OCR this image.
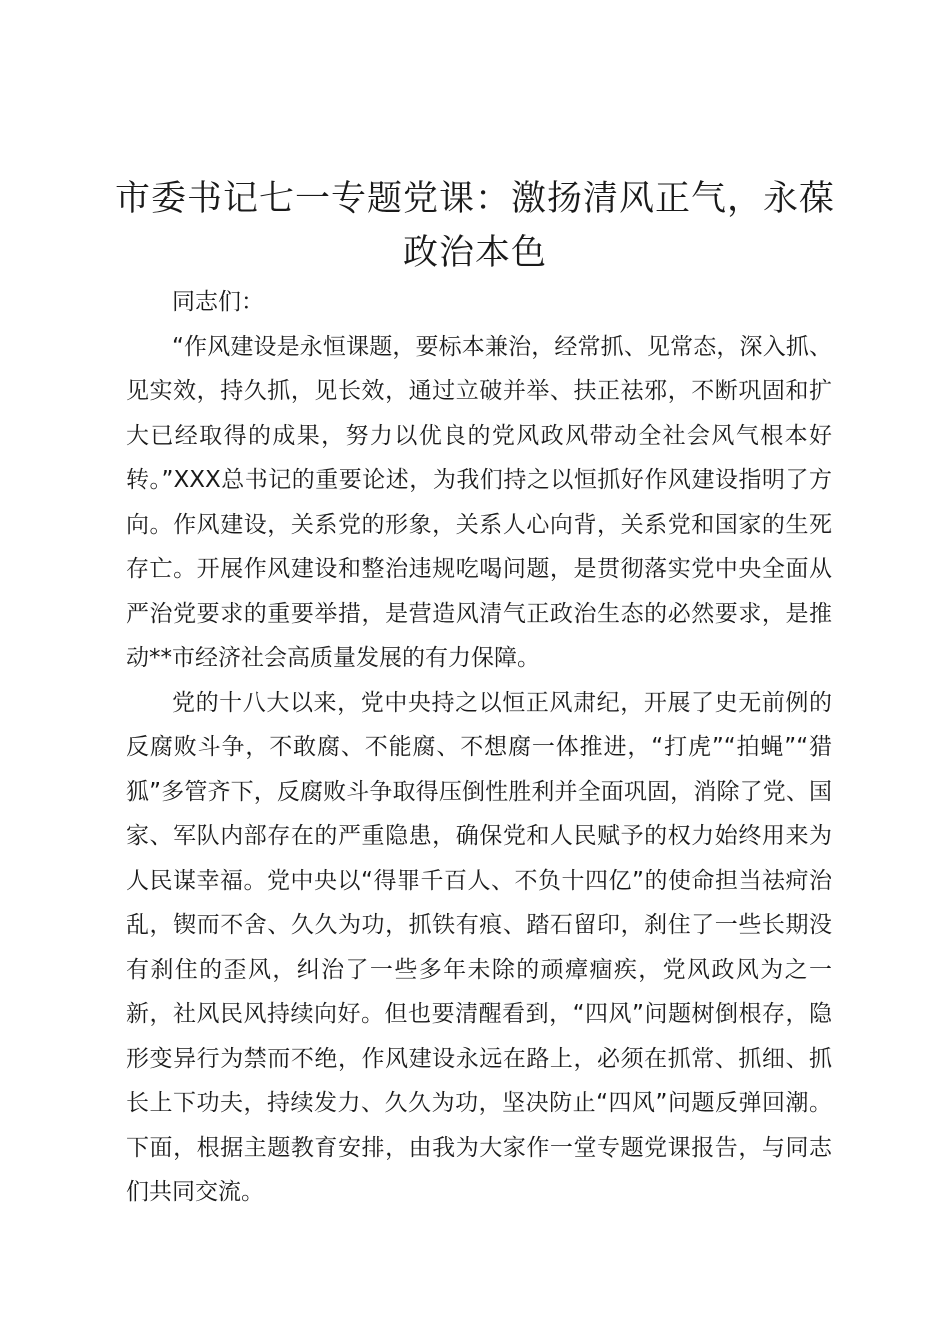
市委书记七一专题党课：激扬清风正气，永葆
政治本色

同志们：

“作风建设是永恒课题，要标本兼治，经常抓、见常态，深入抓、见实效，持久抓，见长效，通过立破并举、扶正祛邪，不断巩固和扩大已经取得的成果，努力以优良的党风政风带动全社会风气根本好转。”XXX总书记的重要论述，为我们持之以恒抓好作风建设指明了方向。作风建设，关系党的形象，关系人心向背，关系党和国家的生死存亡。开展作风建设和整治违规吃喝问题，是贯彻落实党中央全面从严治党要求的重要举措，是营造风清气正政治生态的必然要求，是推动**市经济社会高质量发展的有力保障。

党的十八大以来，党中央持之以恒正风肃纪，开展了史无前例的反腐败斗争，不敢腐、不能腐、不想腐一体推进，“打虎”“拍蝇”“猎狐”多管齐下，反腐败斗争取得压倒性胜利并全面巩固，消除了党、国家、军队内部存在的严重隐患，确保党和人民赋予的权力始终用来为人民谋幸福。党中央以“得罪千百人、不负十四亿”的使命担当祛疴治乱，锲而不舍、久久为功，抓铁有痕、踏石留印，刹住了一些长期没有刹住的歪风，纠治了一些多年未除的顽瘴痼疾，党风政风为之一新，社风民风持续向好。但也要清醒看到，“四风”问题树倒根存，隐形变异行为禁而不绝，作风建设永远在路上，必须在抓常、抓细、抓长上下功夫，持续发力、久久为功，坚决防止“四风”问题反弹回潮。下面，根据主题教育安排，由我为大家作一堂专题党课报告，与同志们共同交流。
